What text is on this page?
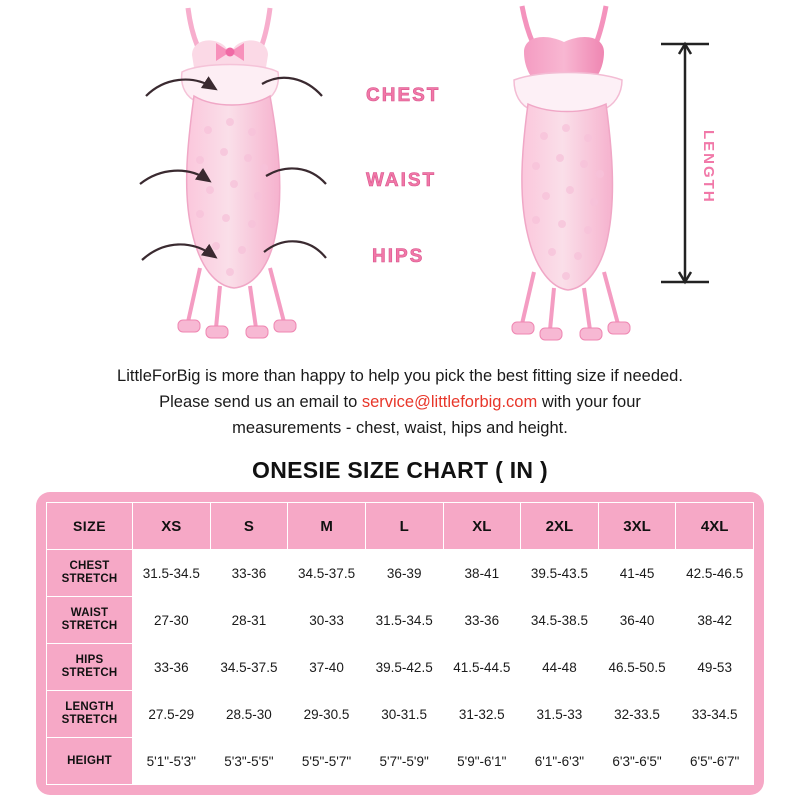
CHEST
WAIST
HIPS
LENGTH
LittleForBig is more than happy to help you pick the best fitting size if needed.
Please send us an email to service@littleforbig.com with your four
measurements - chest, waist, hips and height.
ONESIE SIZE CHART ( IN )
SIZE	XS	S	M	L	XL	2XL	3XL	4XL
CHEST
STRETCH	31.5-34.5	33-36	34.5-37.5	36-39	38-41	39.5-43.5	41-45	42.5-46.5
WAIST
STRETCH	27-30	28-31	30-33	31.5-34.5	33-36	34.5-38.5	36-40	38-42
HIPS
STRETCH	33-36	34.5-37.5	37-40	39.5-42.5	41.5-44.5	44-48	46.5-50.5	49-53
LENGTH
STRETCH	27.5-29	28.5-30	29-30.5	30-31.5	31-32.5	31.5-33	32-33.5	33-34.5
HEIGHT	5'1"-5'3"	5'3"-5'5"	5'5"-5'7"	5'7"-5'9"	5'9"-6'1"	6'1"-6'3"	6'3"-6'5"	6'5"-6'7"
